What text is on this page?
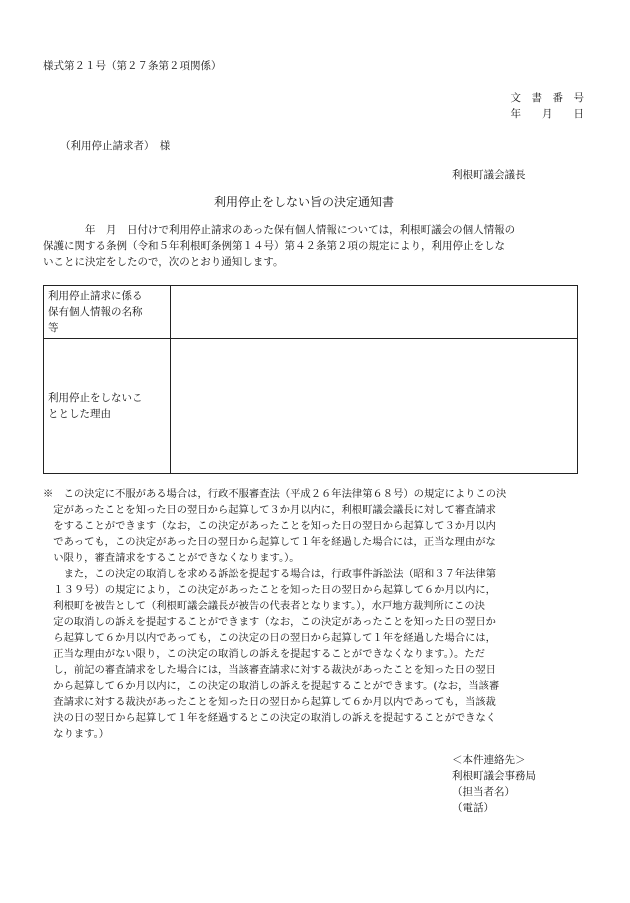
様式第２１号（第２７条第２項関係）
文　書　番　号
年　　月　　日
（利用停止請求者）　様
利根町議会議長
利用停止をしない旨の決定通知書
　　　　年　月　日付けで利用停止請求のあった保有個人情報については，利根町議会の個人情報の
保護に関する条例（令和５年利根町条例第１４号）第４２条第２項の規定により，利用停止をしな
いことに決定をしたので，次のとおり通知します。
利用停止請求に係る
保有個人情報の名称
等	

利用停止をしないこ
ととした理由	

※　この決定に不服がある場合は，行政不服審査法（平成２６年法律第６８号）の規定によりこの決
　定があったことを知った日の翌日から起算して３か月以内に，利根町議会議長に対して審査請求
　をすることができます（なお，この決定があったことを知った日の翌日から起算して３か月以内
　であっても，この決定があった日の翌日から起算して１年を経過した場合には，正当な理由がな
　い限り，審査請求をすることができなくなります。）。
　　また，この決定の取消しを求める訴訟を提起する場合は，行政事件訴訟法（昭和３７年法律第
　１３９号）の規定により，この決定があったことを知った日の翌日から起算して６か月以内に，
　利根町を被告として（利根町議会議長が被告の代表者となります。），水戸地方裁判所にこの決
　定の取消しの訴えを提起することができます（なお，この決定があったことを知った日の翌日か
　ら起算して６か月以内であっても，この決定の日の翌日から起算して１年を経過した場合には，
　正当な理由がない限り，この決定の取消しの訴えを提起することができなくなります。）。ただ
　し，前記の審査請求をした場合には，当該審査請求に対する裁決があったことを知った日の翌日
　から起算して６か月以内に，この決定の取消しの訴えを提起することができます。(なお，当該審
　査請求に対する裁決があったことを知った日の翌日から起算して６か月以内であっても，当該裁
　決の日の翌日から起算して１年を経過するとこの決定の取消しの訴えを提起することができなく
　なります。）
＜本件連絡先＞
利根町議会事務局
（担当者名）
（電話）
